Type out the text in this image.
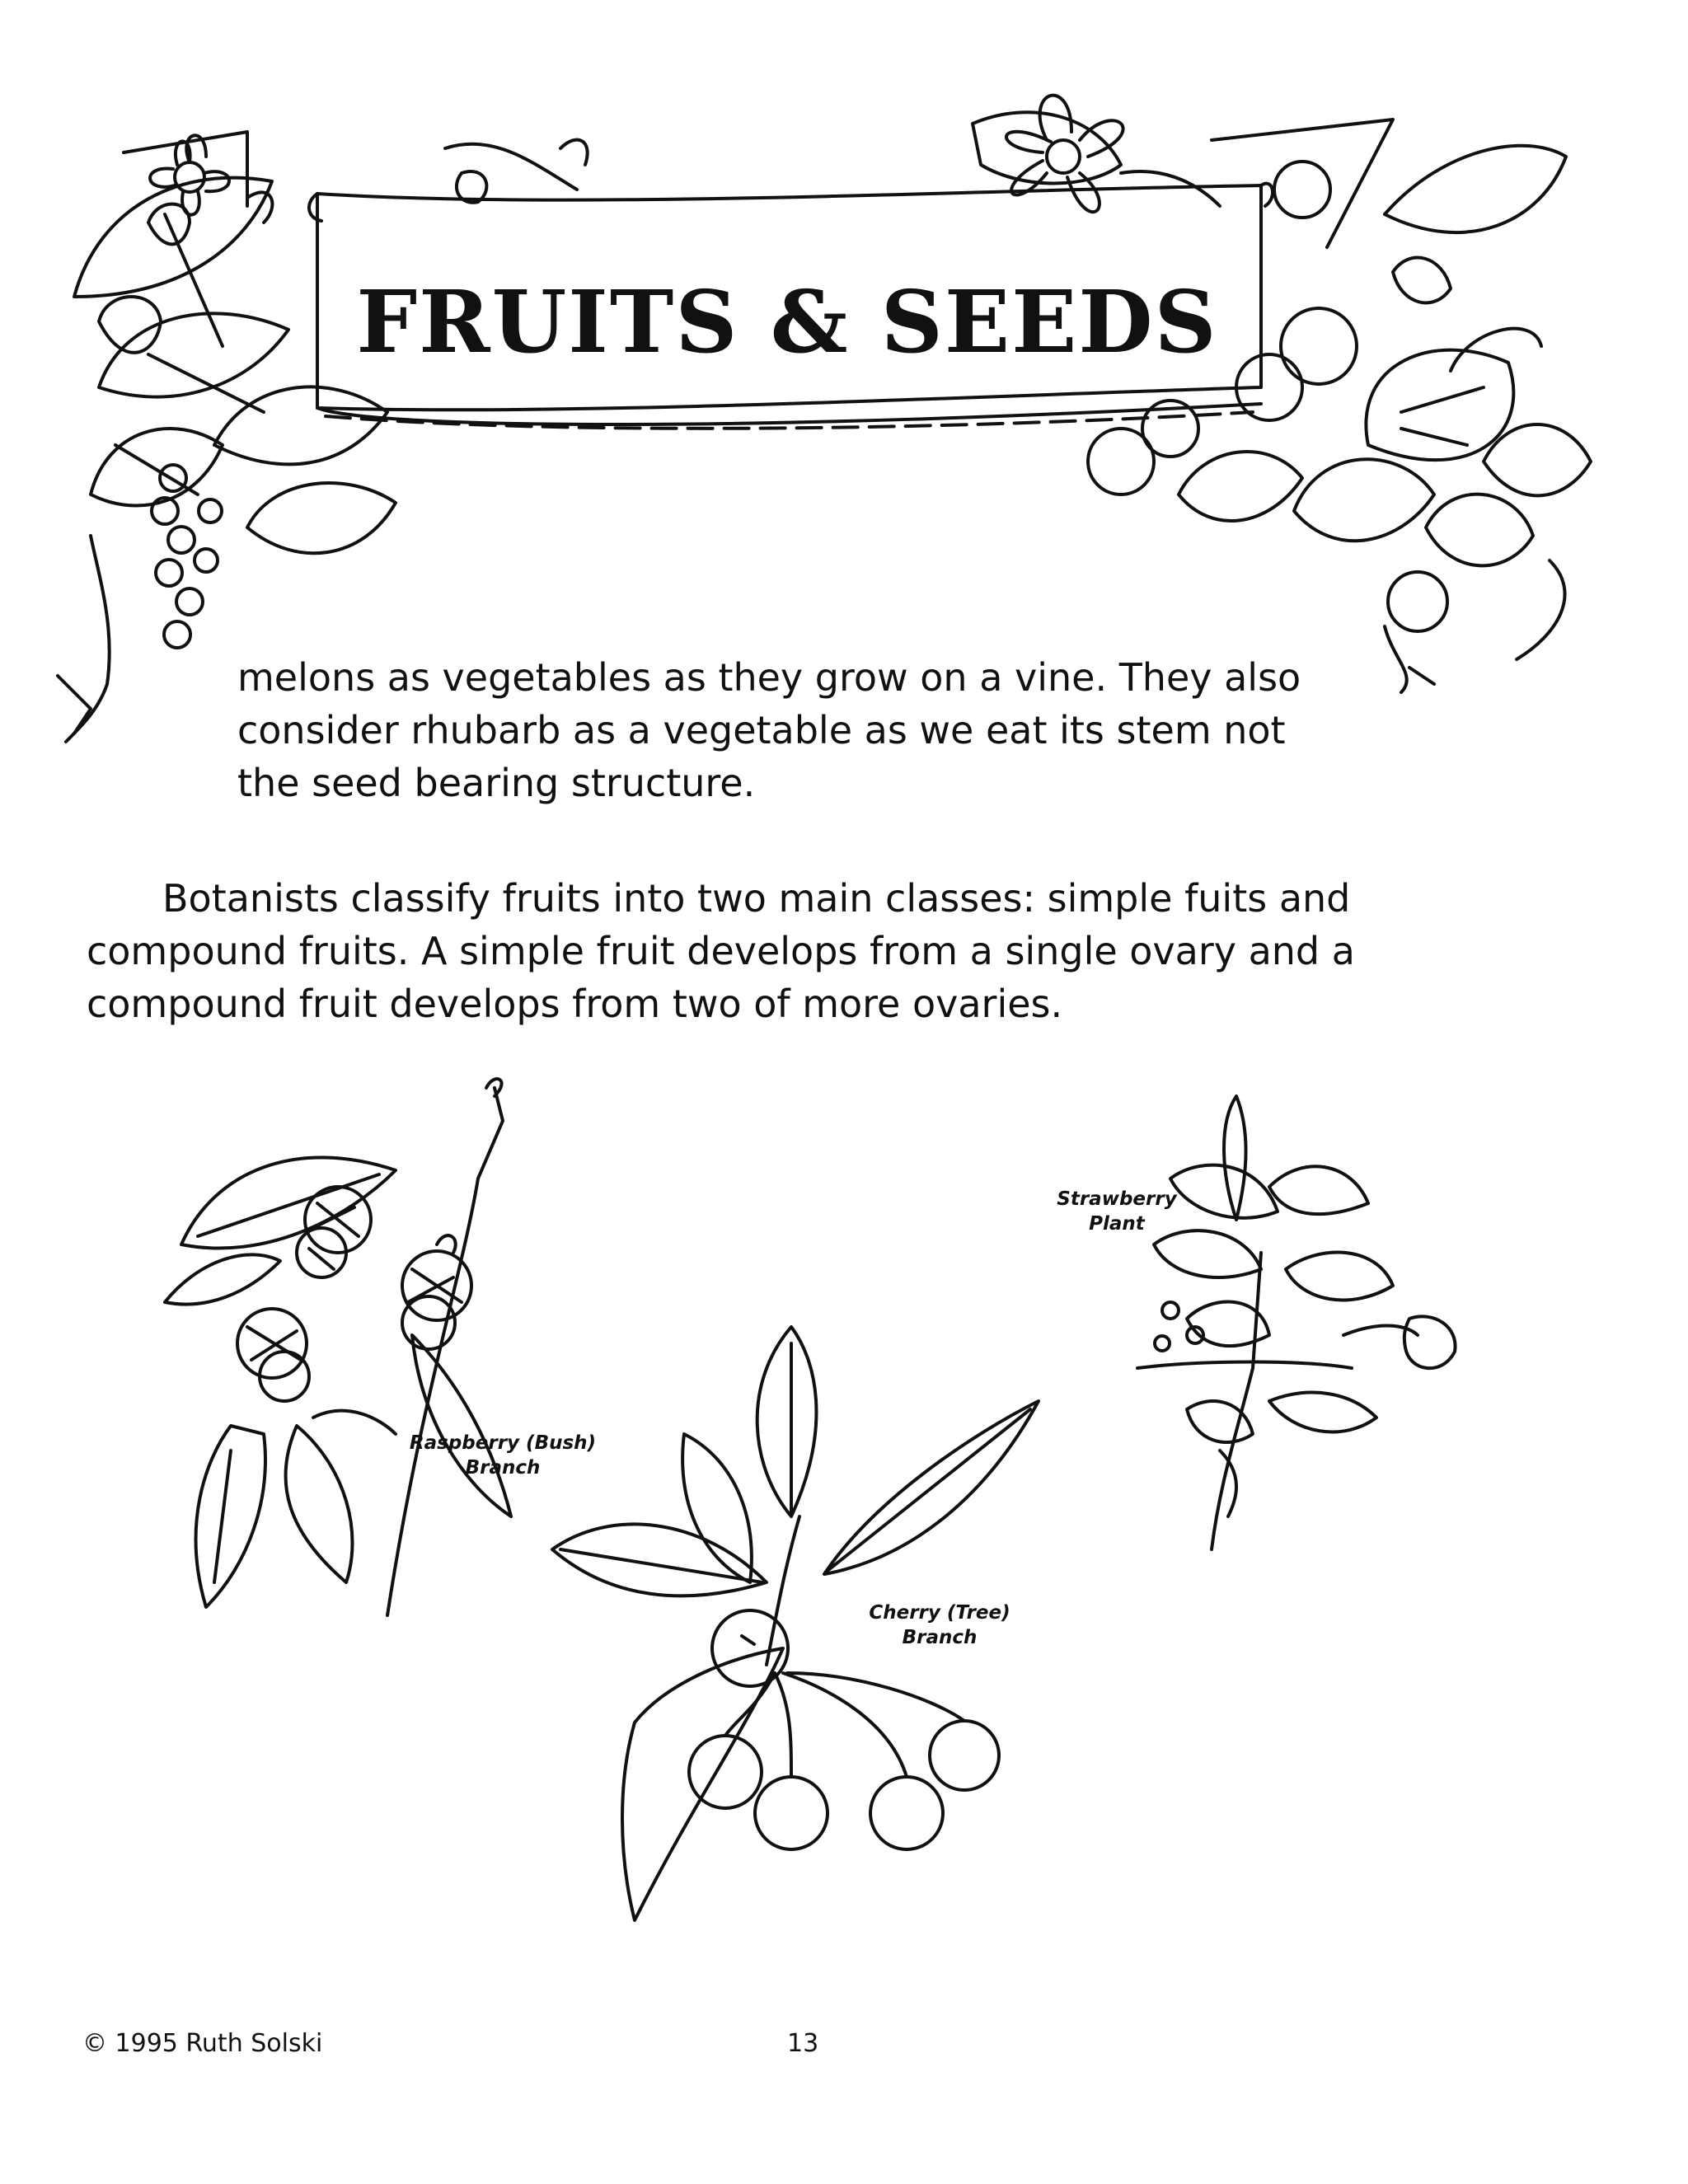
FRUITS & SEEDS
melons as vegetables as they grow on a vine. They also
consider rhubarb as a vegetable as we eat its stem not
the seed bearing structure.
Botanists classify fruits into two main classes: simple fuits and
compound fruits. A simple fruit develops from a single ovary and a
compound fruit develops from two of more ovaries.
Raspberry (Bush)
Branch
Cherry (Tree)
Branch
Strawberry
Plant
© 1995 Ruth Solski	13
